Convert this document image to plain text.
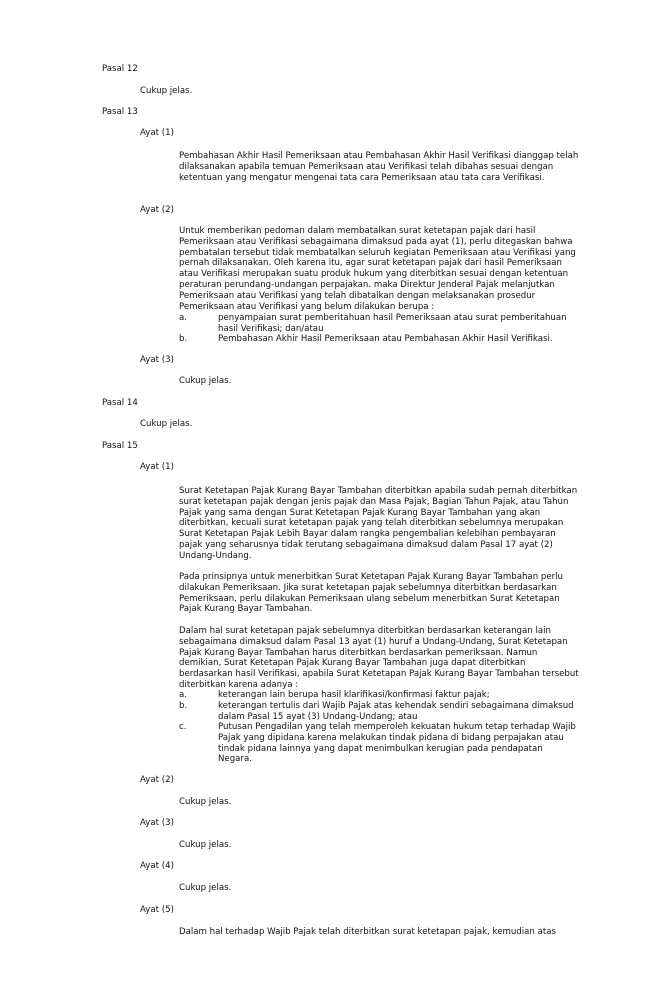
Pasal 12
Cukup jelas.
Pasal 13
Ayat (1)
Pembahasan Akhir Hasil Pemeriksaan atau Pembahasan Akhir Hasil Verifikasi dianggap telah dilaksanakan apabila temuan Pemeriksaan atau Verifikasi telah dibahas sesuai dengan ketentuan yang mengatur mengenai tata cara Pemeriksaan atau tata cara Verifikasi.
Ayat (2)
Untuk memberikan pedoman dalam membatalkan surat ketetapan pajak dari hasil Pemeriksaan atau Verifikasi sebagaimana dimaksud pada ayat (1), perlu ditegaskan bahwa pembatalan tersebut tidak membatalkan seluruh kegiatan Pemeriksaan atau Verifikasi yang pernah dilaksanakan. Oleh karena itu, agar surat ketetapan pajak dari hasil Pemeriksaan atau Verifikasi merupakan suatu produk hukum yang diterbitkan sesuai dengan ketentuan peraturan perundang-undangan perpajakan. maka Direktur Jenderal Pajak melanjutkan Pemeriksaan atau Verifikasi yang telah dibatalkan dengan melaksanakan prosedur Pemeriksaan atau Verifikasi yang belum dilakukan berupa :
a.	penyampaian surat pemberitahuan hasil Pemeriksaan atau surat pemberitahuan hasil Verifikasi; dan/atau
b.	Pembahasan Akhir Hasil Pemeriksaan atau Pembahasan Akhir Hasil Verifikasi.
Ayat (3)
Cukup jelas.
Pasal 14
Cukup jelas.
Pasal 15
Ayat (1)
Surat Ketetapan Pajak Kurang Bayar Tambahan diterbitkan apabila sudah pernah diterbitkan surat ketetapan pajak dengan jenis pajak dan Masa Pajak, Bagian Tahun Pajak, atau Tahun Pajak yang sama dengan Surat Ketetapan Pajak Kurang Bayar Tambahan yang akan diterbitkan, kecuali surat ketetapan pajak yang telah diterbitkan sebelumnya merupakan Surat Ketetapan Pajak Lebih Bayar dalam rangka pengembalian kelebihan pembayaran pajak yang seharusnya tidak terutang sebagaimana dimaksud dalam Pasal 17 ayat (2) Undang-Undang.
Pada prinsipnya untuk menerbitkan Surat Ketetapan Pajak Kurang Bayar Tambahan perlu dilakukan Pemeriksaan. Jika surat ketetapan pajak sebelumnya diterbitkan berdasarkan Pemeriksaan, perlu dilakukan Pemeriksaan ulang sebelum menerbitkan Surat Ketetapan Pajak Kurang Bayar Tambahan.
Dalam hal surat ketetapan pajak sebelumnya diterbitkan berdasarkan keterangan lain sebagaimana dimaksud dalam Pasal 13 ayat (1) huruf a Undang-Undang, Surat Ketetapan Pajak Kurang Bayar Tambahan harus diterbitkan berdasarkan pemeriksaan. Namun demikian, Surat Ketetapan Pajak Kurang Bayar Tambahan juga dapat diterbitkan berdasarkan hasil Verifikasi, apabila Surat Ketetapan Pajak Kurang Bayar Tambahan tersebut diterbitkan karena adanya :
a.	keterangan lain berupa hasil klarifikasi/konfirmasi faktur pajak;
b.	keterangan tertulis dari Wajib Pajak atas kehendak sendiri sebagaimana dimaksud dalam Pasal 15 ayat (3) Undang-Undang; atau
c.	Putusan Pengadilan yang telah memperoleh kekuatan hukum tetap terhadap Wajib Pajak yang dipidana karena melakukan tindak pidana di bidang perpajakan atau tindak pidana lainnya yang dapat menimbulkan kerugian pada pendapatan Negara.
Ayat (2)
Cukup jelas.
Ayat (3)
Cukup jelas.
Ayat (4)
Cukup jelas.
Ayat (5)
Dalam hal terhadap Wajib Pajak telah diterbitkan surat ketetapan pajak, kemudian atas
